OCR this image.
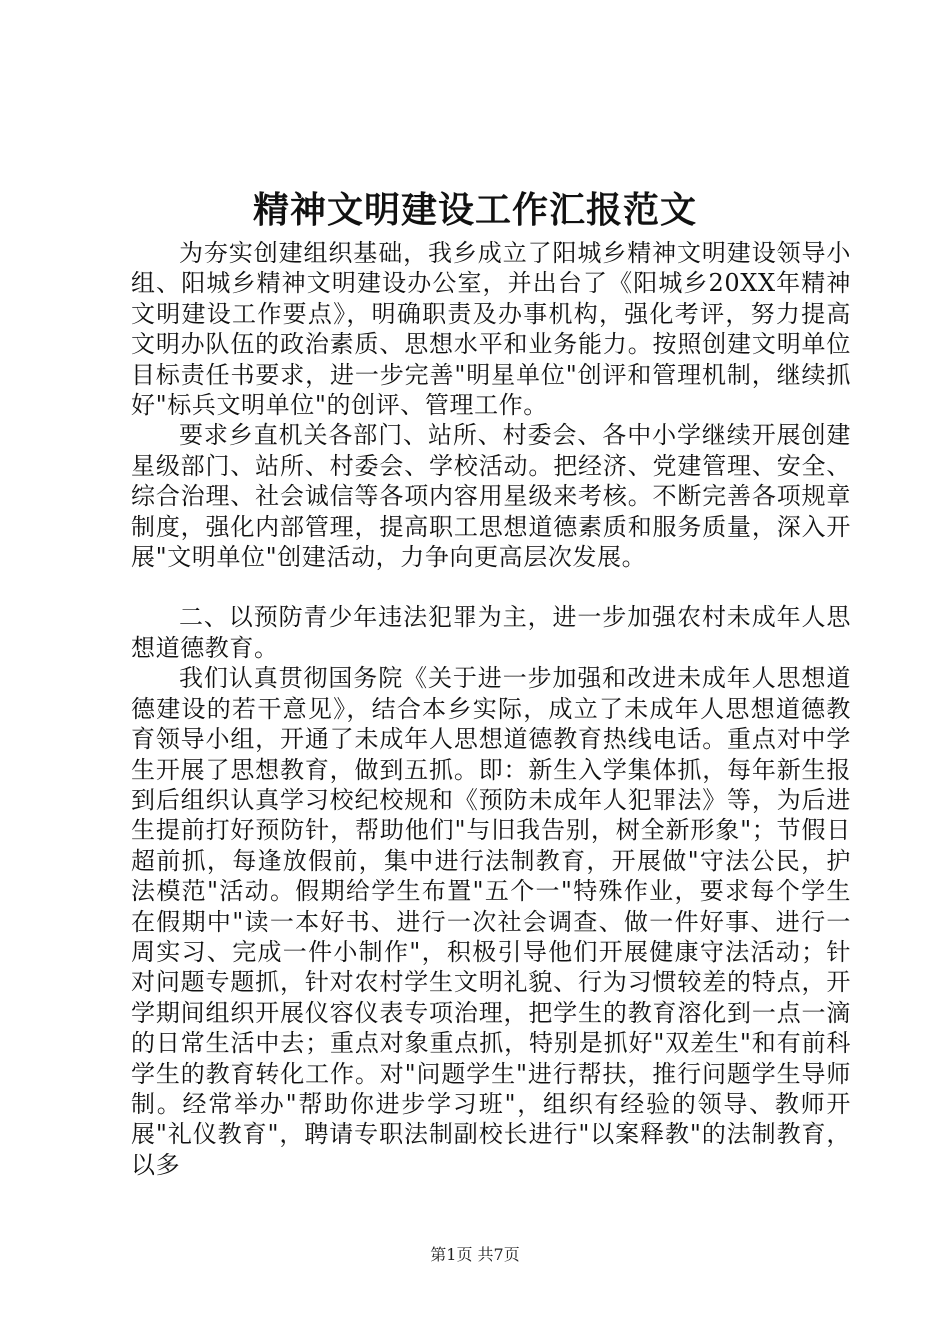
精神文明建设工作汇报范文

为夯实创建组织基础，我乡成立了阳城乡精神文明建设领导小组、阳城乡精神文明建设办公室，并出台了《阳城乡20XX年精神文明建设工作要点》，明确职责及办事机构，强化考评，努力提高文明办队伍的政治素质、思想水平和业务能力。按照创建文明单位目标责任书要求，进一步完善"明星单位"创评和管理机制，继续抓好"标兵文明单位"的创评、管理工作。

要求乡直机关各部门、站所、村委会、各中小学继续开展创建星级部门、站所、村委会、学校活动。把经济、党建管理、安全、综合治理、社会诚信等各项内容用星级来考核。不断完善各项规章制度，强化内部管理，提高职工思想道德素质和服务质量，深入开展"文明单位"创建活动，力争向更高层次发展。

二、以预防青少年违法犯罪为主，进一步加强农村未成年人思想道德教育。

我们认真贯彻国务院《关于进一步加强和改进未成年人思想道德建设的若干意见》，结合本乡实际，成立了未成年人思想道德教育领导小组，开通了未成年人思想道德教育热线电话。重点对中学生开展了思想教育，做到五抓。即：新生入学集体抓，每年新生报到后组织认真学习校纪校规和《预防未成年人犯罪法》等，为后进生提前打好预防针，帮助他们"与旧我告别，树全新形象"；节假日超前抓，每逢放假前，集中进行法制教育，开展做"守法公民，护法模范"活动。假期给学生布置"五个一"特殊作业，要求每个学生在假期中"读一本好书、进行一次社会调查、做一件好事、进行一周实习、完成一件小制作"，积极引导他们开展健康守法活动；针对问题专题抓，针对农村学生文明礼貌、行为习惯较差的特点，开学期间组织开展仪容仪表专项治理，把学生的教育溶化到一点一滴的日常生活中去；重点对象重点抓，特别是抓好"双差生"和有前科学生的教育转化工作。对"问题学生"进行帮扶，推行问题学生导师制。经常举办"帮助你进步学习班"，组织有经验的领导、教师开展"礼仪教育"，聘请专职法制副校长进行"以案释教"的法制教育，以多

第1页 共7页
